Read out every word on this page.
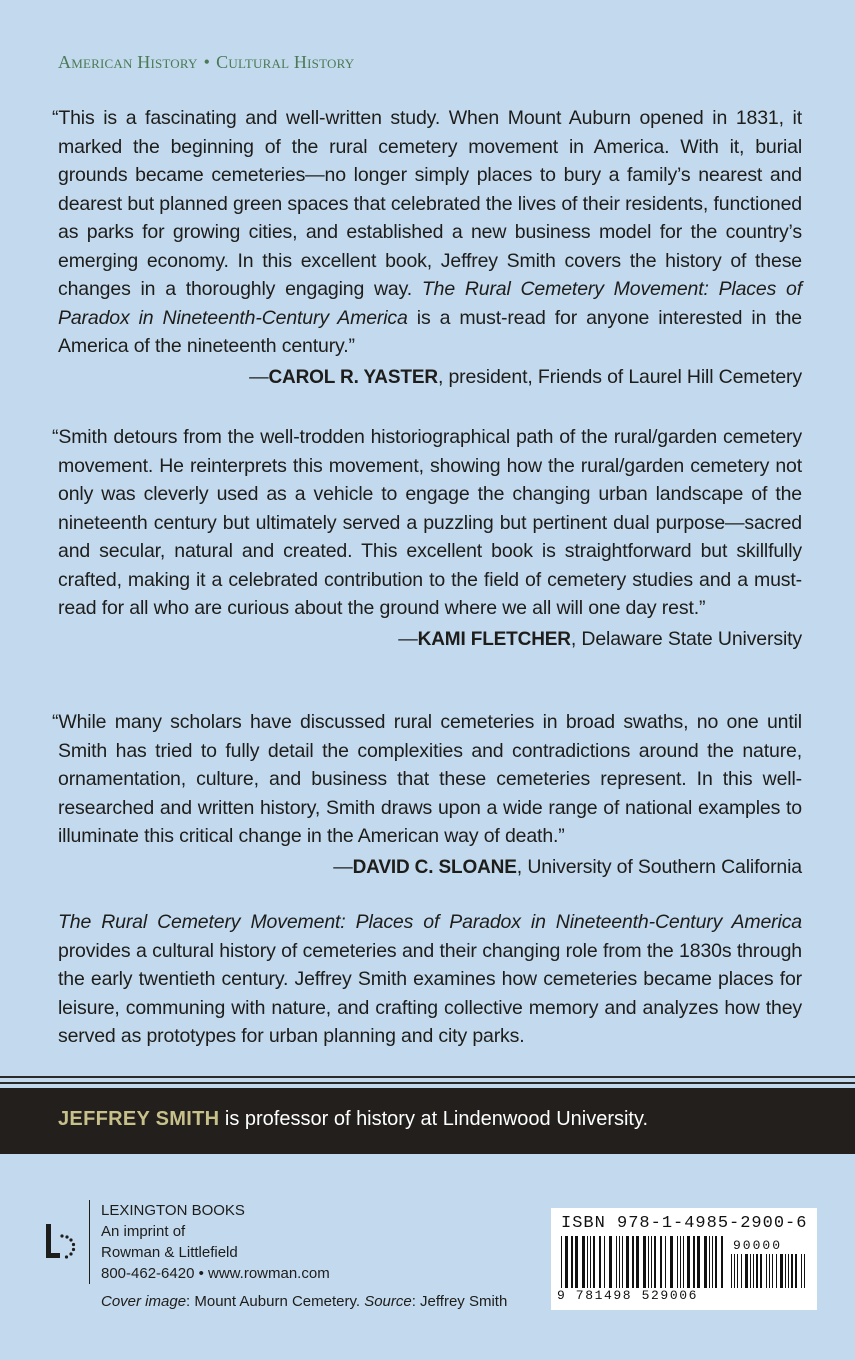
American History • Cultural History

“This is a fascinating and well-written study. When Mount Auburn opened in 1831, it marked the beginning of the rural cemetery movement in America. With it, burial grounds became cemeteries—no longer simply places to bury a family’s nearest and dearest but planned green spaces that celebrated the lives of their residents, functioned as parks for growing cities, and established a new business model for the country’s emerging economy. In this excellent book, Jeffrey Smith covers the history of these changes in a thoroughly engaging way. The Rural Cemetery Movement: Places of Paradox in Nineteenth-Century America is a must-read for anyone interested in the America of the nineteenth century.”

—CAROL R. YASTER, president, Friends of Laurel Hill Cemetery

“Smith detours from the well-trodden historiographical path of the rural/garden cemetery movement. He reinterprets this movement, showing how the rural/garden cemetery not only was cleverly used as a vehicle to engage the changing urban landscape of the nineteenth century but ultimately served a puzzling but pertinent dual purpose—sacred and secular, natural and created. This excellent book is straightforward but skillfully crafted, making it a celebrated contribution to the field of cemetery studies and a must-read for all who are curious about the ground where we all will one day rest.”

—KAMI FLETCHER, Delaware State University

“While many scholars have discussed rural cemeteries in broad swaths, no one until Smith has tried to fully detail the complexities and contradictions around the nature, ornamentation, culture, and business that these cemeteries represent. In this well-researched and written history, Smith draws upon a wide range of national examples to illuminate this critical change in the American way of death.”

—DAVID C. SLOANE, University of Southern California
The Rural Cemetery Movement: Places of Paradox in Nineteenth-Century America provides a cultural history of cemeteries and their changing role from the 1830s through the early twentieth century. Jeffrey Smith examines how cemeteries became places for leisure, communing with nature, and crafting collective memory and analyzes how they served as prototypes for urban planning and city parks.
JEFFREY SMITH is professor of history at Lindenwood University.
LEXINGTON BOOKS
An imprint of
Rowman & Littlefield
800-462-6420 • www.rowman.com
Cover image: Mount Auburn Cemetery. Source: Jeffrey Smith
ISBN 978-1-4985-2900-6
90000
9 781498 529006
